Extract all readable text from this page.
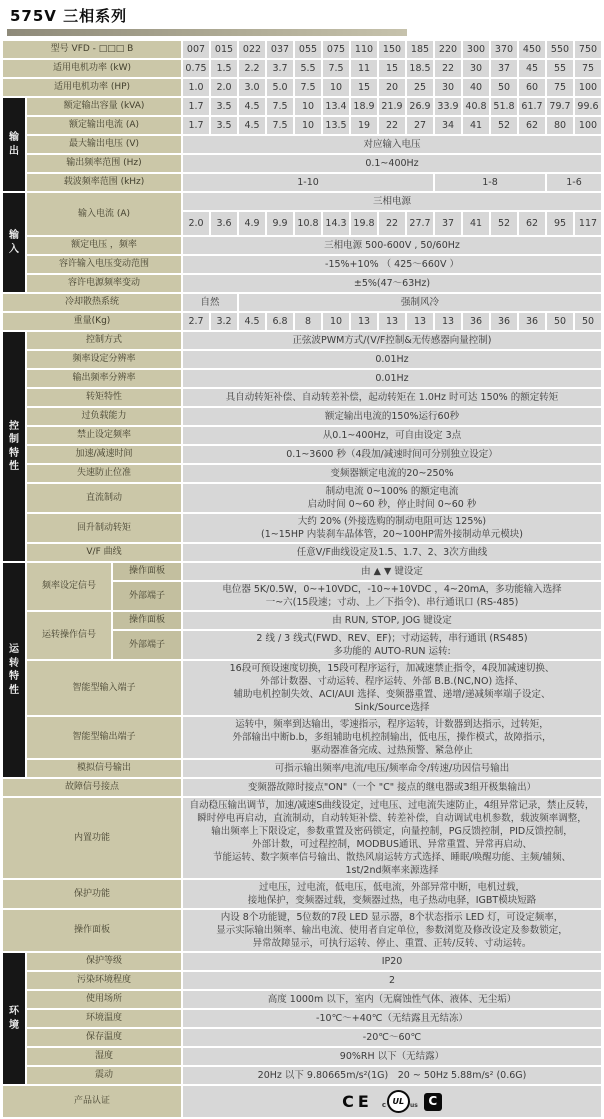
575V 三相系列
型号 VFD - □□□ B			007	015	022	037	055	075	110	150	185	220	300	370	450	550	750
适用电机功率 (kW)			0.75	1.5	2.2	3.7	5.5	7.5	11	15	18.5	22	30	37	45	55	75
适用电机功率 (HP)			1.0	2.0	3.0	5.0	7.5	10	15	20	25	30	40	50	60	75	100
输
出	额定输出容量 (kVA)		1.7	3.5	4.5	7.5	10	13.4	18.9	21.9	26.9	33.9	40.8	51.8	61.7	79.7	99.6
	额定输出电流 (A)		1.7	3.5	4.5	7.5	10	13.5	19	22	27	34	41	52	62	80	100
	最大输出电压 (V)		对应输入电压														
	输出频率范围 (Hz)		0.1~400Hz														
	载波频率范围 (kHz)		1-10									1-8				1-6	
输
入	输入电流 (A)		三相电源														
			2.0	3.6	4.9	9.9	10.8	14.3	19.8	22	27.7	37	41	52	62	95	117
	额定电压 ，频率		三相电源 500-600V , 50/60Hz														
	容许输入电压变动范围		-15%+10% （ 425～660V ）														
	容许电源频率变动		±5%(47～63Hz)														
冷却散热系统			自然		强制风冷												
重量(Kg)			2.7	3.2	4.5	6.8	8	10	13	13	13	13	36	36	36	50	50
控
制
特
性	控制方式		正弦波PWM方式/(V/F控制&无传感器向量控制)														
	频率设定分辨率		0.01Hz														
	输出频率分辨率		0.01Hz														
	转矩特性		具自动转矩补偿、自动转差补偿，起动转矩在 1.0Hz 时可达 150% 的额定转矩														
	过负载能力		额定输出电流的150%运行60秒														
	禁止设定频率		从0.1~400Hz，可自由设定 3点														
	加速/减速时间		0.1~3600 秒（4段加/减速时间可分别独立设定）														
	失速防止位准		变频器额定电流的20~250%														
	直流制动		制动电流 0~100% 的额定电流
启动时间 0~60 秒，停止时间 0~60 秒														
	回升制动转矩		大约 20% (外接选购的制动电阻可达 125%)
(1~15HP 内装刹车晶体管，20~100HP需外接制动单元模块)														
	V/F 曲线		任意V/F曲线设定及1.5、1.7、2、3次方曲线														
运
转
特
性	频率设定信号	操作面板	由 ▲ ▼ 键设定														
		外部端子	电位器 5K/0.5W，0~+10VDC，-10~+10VDC ，4~20mA，多功能输入选择
一~六(15段速；寸动、上／下指令)、串行通讯口 (RS-485)														
	运转操作信号	操作面板	由 RUN, STOP, JOG 键设定														
		外部端子	2 线 / 3 线式(FWD、REV、EF)；寸动运转，串行通讯 (RS485)
多功能的 AUTO-RUN 运转:														
	智能型输入端子		16段可预设速度切换，15段可程序运行，加减速禁止指令，4段加减速切换、
外部计数器、寸动运转、程序运转、外部 B.B.(NC,NO) 选择、
辅助电机控制失效、ACI/AUI 选择、变频器重置、递增/递减频率端子设定、
Sink/Source选择														
	智能型输出端子		运转中，频率到达输出，零速指示，程序运转，计数器到达指示，过转矩，
外部输出中断b.b，多组辅助电机控制输出，低电压，操作模式，故障指示，
驱动器准备完成、过热预警、紧急停止														
	模拟信号输出		可指示输出频率/电流/电压/频率命令/转速/功因信号输出														
故障信号接点			变频器故障时接点"ON"（一个 "C" 接点的继电器或3组开极集输出）														
内置功能	自动稳压输出调节，加速/减速S曲线设定，过电压、过电流失速防止，4组异常记录，禁止反转，
瞬时停电再启动，直流制动，自动转矩补偿、转差补偿，自动调试电机参数，载波频率调整，
输出频率上下限设定，参数重置及密码锁定，向量控制，PG反馈控制，PID反馈控制，
外部计数，可过程控制，MODBUS通讯、异常重置、异常再启动、
节能运转、数字频率信号输出、散热风扇运转方式选择、睡眠/唤醒功能、主频/辅频、
1st/2nd频率来源选择
保护功能			过电压，过电流，低电压，低电流，外部异常中断，电机过载，
接地保护，变频器过载，变频器过热，电子热动电驿，IGBT模块短路														
操作面板			内设 8个功能键，5位数的7段 LED 显示器，8个状态指示 LED 灯，可设定频率，
显示实际输出频率、输出电流、使用者自定单位，参数浏览及修改设定及参数锁定，
异常故障显示，可执行运转、停止、重置、正转/反转、寸动运转。														
环
境	保护等级		IP20														
	污染环境程度		2														
	使用场所		高度 1000m 以下，室内（无腐蚀性气体、液体、无尘垢）														
	环境温度		-10℃～+40℃（无结露且无结冻）														
	保存温度		-20℃～60℃														
	湿度		90%RH 以下（无结露）														
	震动		20Hz 以下 9.80665m/s²(1G)　20 ~ 50Hz 5.88m/s² (0.6G)														
产品认证			CE UL
c us C														
